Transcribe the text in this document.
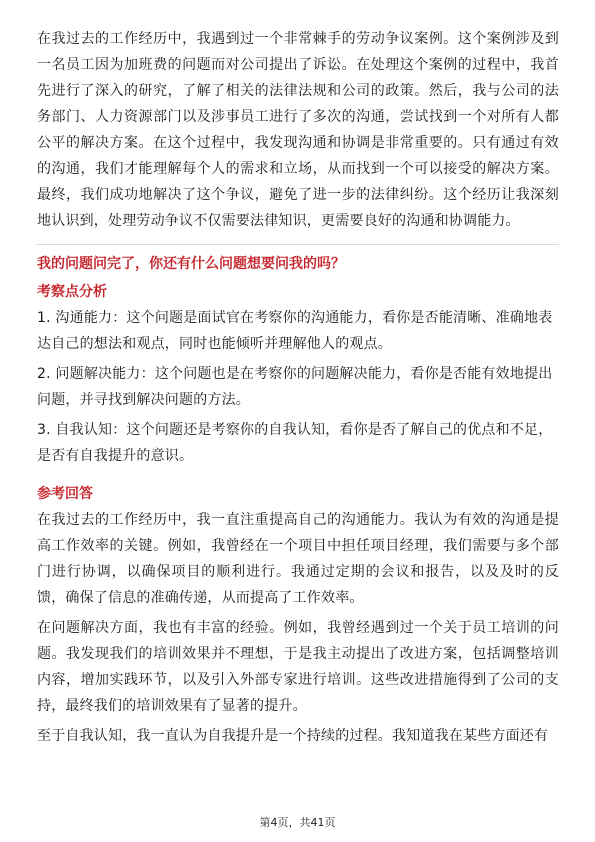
在我过去的工作经历中，我遇到过一个非常棘手的劳动争议案例。这个案例涉及到一名员工因为加班费的问题而对公司提出了诉讼。在处理这个案例的过程中，我首先进行了深入的研究，了解了相关的法律法规和公司的政策。然后，我与公司的法务部门、人力资源部门以及涉事员工进行了多次的沟通，尝试找到一个对所有人都公平的解决方案。在这个过程中，我发现沟通和协调是非常重要的。只有通过有效的沟通，我们才能理解每个人的需求和立场，从而找到一个可以接受的解决方案。最终，我们成功地解决了这个争议，避免了进一步的法律纠纷。这个经历让我深刻地认识到，处理劳动争议不仅需要法律知识，更需要良好的沟通和协调能力。

我的问题问完了，你还有什么问题想要问我的吗？

考察点分析

1. 沟通能力：这个问题是面试官在考察你的沟通能力，看你是否能清晰、准确地表达自己的想法和观点，同时也能倾听并理解他人的观点。

2. 问题解决能力：这个问题也是在考察你的问题解决能力，看你是否能有效地提出问题，并寻找到解决问题的方法。

3. 自我认知：这个问题还是考察你的自我认知，看你是否了解自己的优点和不足，是否有自我提升的意识。

参考回答

在我过去的工作经历中，我一直注重提高自己的沟通能力。我认为有效的沟通是提高工作效率的关键。例如，我曾经在一个项目中担任项目经理，我们需要与多个部门进行协调，以确保项目的顺利进行。我通过定期的会议和报告，以及及时的反馈，确保了信息的准确传递，从而提高了工作效率。

在问题解决方面，我也有丰富的经验。例如，我曾经遇到过一个关于员工培训的问题。我发现我们的培训效果并不理想，于是我主动提出了改进方案，包括调整培训内容，增加实践环节，以及引入外部专家进行培训。这些改进措施得到了公司的支持，最终我们的培训效果有了显著的提升。

至于自我认知，我一直认为自我提升是一个持续的过程。我知道我在某些方面还有

第4页，共41页
